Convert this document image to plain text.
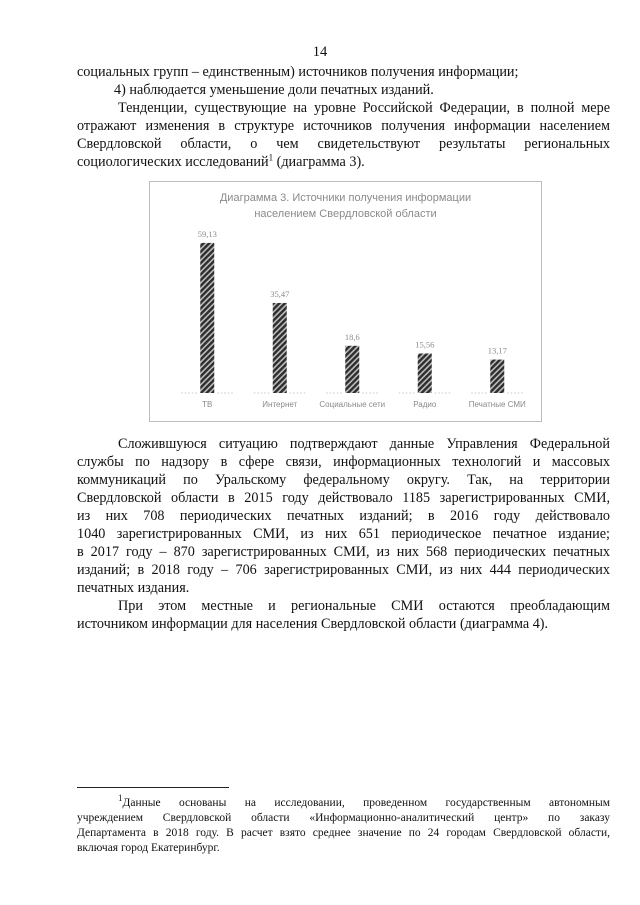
14
социальных групп – единственным) источников получения информации;
4) наблюдается уменьшение доли печатных изданий.
Тенденции, существующие на уровне Российской Федерации, в полной мере
отражают изменения в структуре источников получения информации населением
Свердловской области, о чем свидетельствуют результаты региональных
социологических исследований$^1$ (диаграмма 3).
Диаграмма 3. Источники получения информации
населением Свердловской области
59,13
ТВ
35,47
Интернет
18,6
Социальные сети
15,56
Радио
13,17
Печатные СМИ
Сложившуюся ситуацию подтверждают данные Управления Федеральной
службы по надзору в сфере связи, информационных технологий и массовых
коммуникаций по Уральскому федеральному округу. Так, на территории
Свердловской области в 2015 году действовало 1185 зарегистрированных СМИ,
из них 708 периодических печатных изданий; в 2016 году действовало
1040 зарегистрированных СМИ, из них 651 периодическое печатное издание;
в 2017 году – 870 зарегистрированных СМИ, из них 568 периодических печатных
изданий; в 2018 году – 706 зарегистрированных СМИ, из них 444 периодических
печатных издания.
При этом местные и региональные СМИ остаются преобладающим
источником информации для населения Свердловской области (диаграмма 4).
$^1$Данные основаны на исследовании, проведенном государственным автономным
учреждением Свердловской области «Информационно-аналитический центр» по заказу
Департамента в 2018 году. В расчет взято среднее значение по 24 городам Свердловской области,
включая город Екатеринбург.
